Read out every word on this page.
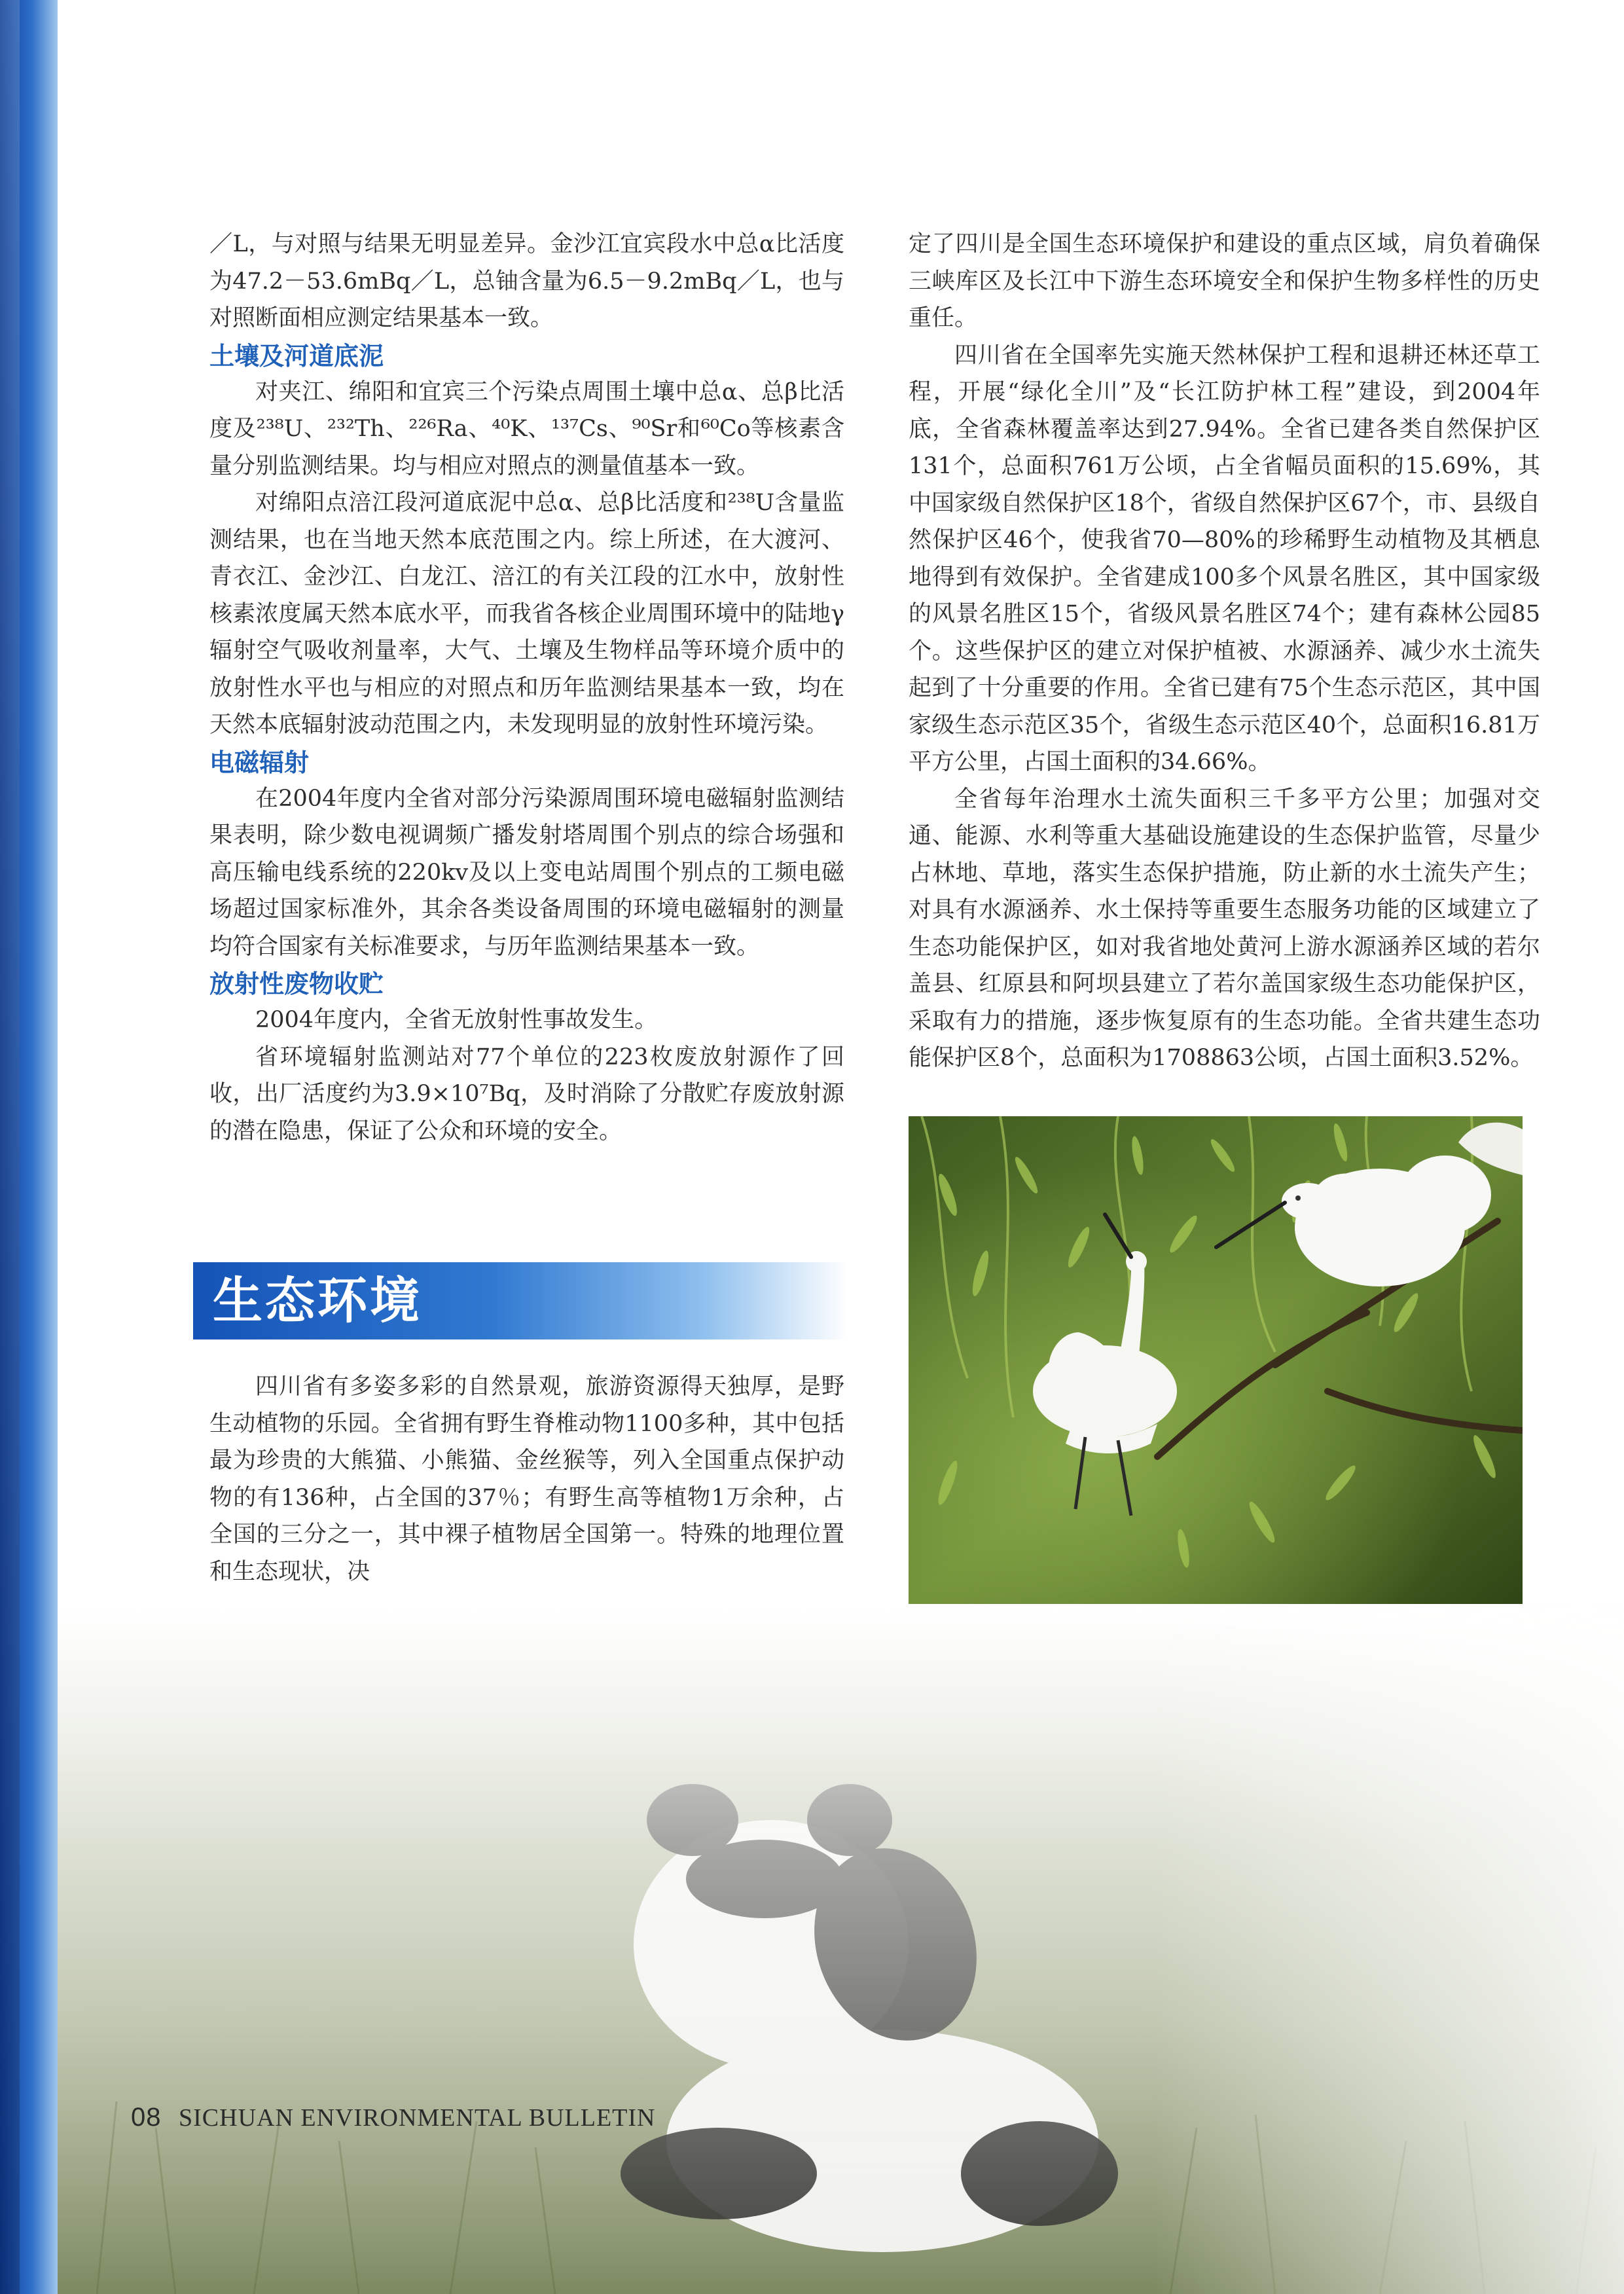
／L，与对照与结果无明显差异。金沙江宜宾段水中总α比活度为47.2－53.6mBq／L，总铀含量为6.5－9.2mBq／L，也与对照断面相应测定结果基本一致。

土壤及河道底泥

对夹江、绵阳和宜宾三个污染点周围土壤中总α、总β比活度及²³⁸U、²³²Th、²²⁶Ra、⁴⁰K、¹³⁷Cs、⁹⁰Sr和⁶⁰Co等核素含量分别监测结果。均与相应对照点的测量值基本一致。

对绵阳点涪江段河道底泥中总α、总β比活度和²³⁸U含量监测结果，也在当地天然本底范围之内。综上所述，在大渡河、青衣江、金沙江、白龙江、涪江的有关江段的江水中，放射性核素浓度属天然本底水平，而我省各核企业周围环境中的陆地γ辐射空气吸收剂量率，大气、土壤及生物样品等环境介质中的放射性水平也与相应的对照点和历年监测结果基本一致，均在天然本底辐射波动范围之内，未发现明显的放射性环境污染。

电磁辐射

在2004年度内全省对部分污染源周围环境电磁辐射监测结果表明，除少数电视调频广播发射塔周围个别点的综合场强和高压输电线系统的220kv及以上变电站周围个别点的工频电磁场超过国家标准外，其余各类设备周围的环境电磁辐射的测量均符合国家有关标准要求，与历年监测结果基本一致。

放射性废物收贮

2004年度内，全省无放射性事故发生。

省环境辐射监测站对77个单位的223枚废放射源作了回收，出厂活度约为3.9×10⁷Bq，及时消除了分散贮存废放射源的潜在隐患，保证了公众和环境的安全。

生态环境

四川省有多姿多彩的自然景观，旅游资源得天独厚，是野生动植物的乐园。全省拥有野生脊椎动物1100多种，其中包括最为珍贵的大熊猫、小熊猫、金丝猴等，列入全国重点保护动物的有136种，占全国的37％；有野生高等植物1万余种，占全国的三分之一，其中裸子植物居全国第一。特殊的地理位置和生态现状，决

定了四川是全国生态环境保护和建设的重点区域，肩负着确保三峡库区及长江中下游生态环境安全和保护生物多样性的历史重任。

四川省在全国率先实施天然林保护工程和退耕还林还草工程，开展“绿化全川”及“长江防护林工程”建设，到2004年底，全省森林覆盖率达到27.94%。全省已建各类自然保护区131个，总面积761万公顷，占全省幅员面积的15.69%，其中国家级自然保护区18个，省级自然保护区67个，市、县级自然保护区46个，使我省70—80%的珍稀野生动植物及其栖息地得到有效保护。全省建成100多个风景名胜区，其中国家级的风景名胜区15个，省级风景名胜区74个；建有森林公园85个。这些保护区的建立对保护植被、水源涵养、减少水土流失起到了十分重要的作用。全省已建有75个生态示范区，其中国家级生态示范区35个，省级生态示范区40个，总面积16.81万平方公里，占国土面积的34.66%。

全省每年治理水土流失面积三千多平方公里；加强对交通、能源、水利等重大基础设施建设的生态保护监管，尽量少占林地、草地，落实生态保护措施，防止新的水土流失产生；对具有水源涵养、水土保持等重要生态服务功能的区域建立了生态功能保护区，如对我省地处黄河上游水源涵养区域的若尔盖县、红原县和阿坝县建立了若尔盖国家级生态功能保护区，采取有力的措施，逐步恢复原有的生态功能。全省共建生态功能保护区8个，总面积为1708863公顷，占国土面积3.52%。

08 SICHUAN ENVIRONMENTAL BULLETIN
